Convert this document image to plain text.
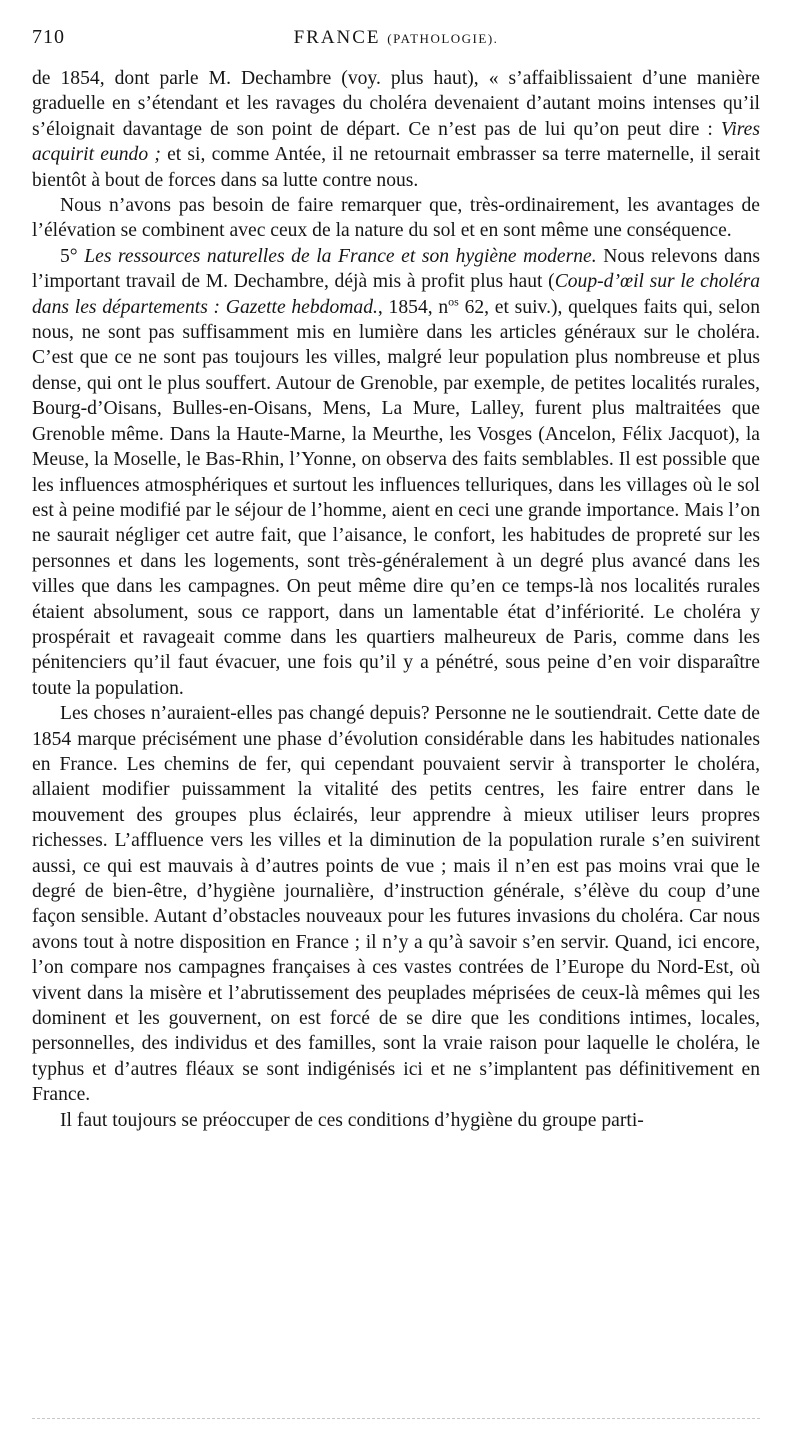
710	FRANCE (PATHOLOGIE).

de 1854, dont parle M. Dechambre (voy. plus haut), « s’affaiblissaient d’une manière graduelle en s’étendant et les ravages du choléra devenaient d’autant moins intenses qu’il s’éloignait davantage de son point de départ. Ce n’est pas de lui qu’on peut dire : Vires acquirit eundo ; et si, comme Antée, il ne retournait embrasser sa terre maternelle, il serait bientôt à bout de forces dans sa lutte contre nous.

Nous n’avons pas besoin de faire remarquer que, très-ordinairement, les avantages de l’élévation se combinent avec ceux de la nature du sol et en sont même une conséquence.

5° Les ressources naturelles de la France et son hygiène moderne. Nous relevons dans l’important travail de M. Dechambre, déjà mis à profit plus haut (Coup-d’œil sur le choléra dans les départements : Gazette hebdomad., 1854, $n^{os}$ 62, et suiv.), quelques faits qui, selon nous, ne sont pas suffisamment mis en lumière dans les articles généraux sur le choléra. C’est que ce ne sont pas toujours les villes, malgré leur population plus nombreuse et plus dense, qui ont le plus souffert. Autour de Grenoble, par exemple, de petites localités rurales, Bourg-d’Oisans, Bulles-en-Oisans, Mens, La Mure, Lalley, furent plus maltraitées que Grenoble même. Dans la Haute-Marne, la Meurthe, les Vosges (Ancelon, Félix Jacquot), la Meuse, la Moselle, le Bas-Rhin, l’Yonne, on observa des faits semblables. Il est possible que les influences atmosphériques et surtout les influences telluriques, dans les villages où le sol est à peine modifié par le séjour de l’homme, aient en ceci une grande importance. Mais l’on ne saurait négliger cet autre fait, que l’aisance, le confort, les habitudes de propreté sur les personnes et dans les logements, sont très-généralement à un degré plus avancé dans les villes que dans les campagnes. On peut même dire qu’en ce temps-là nos localités rurales étaient absolument, sous ce rapport, dans un lamentable état d’infériorité. Le choléra y prospérait et ravageait comme dans les quartiers malheureux de Paris, comme dans les pénitenciers qu’il faut évacuer, une fois qu’il y a pénétré, sous peine d’en voir disparaître toute la population.

Les choses n’auraient-elles pas changé depuis? Personne ne le soutiendrait. Cette date de 1854 marque précisément une phase d’évolution considérable dans les habitudes nationales en France. Les chemins de fer, qui cependant pouvaient servir à transporter le choléra, allaient modifier puissamment la vitalité des petits centres, les faire entrer dans le mouvement des groupes plus éclairés, leur apprendre à mieux utiliser leurs propres richesses. L’affluence vers les villes et la diminution de la population rurale s’en suivirent aussi, ce qui est mauvais à d’autres points de vue ; mais il n’en est pas moins vrai que le degré de bien-être, d’hygiène journalière, d’instruction générale, s’élève du coup d’une façon sensible. Autant d’obstacles nouveaux pour les futures invasions du choléra. Car nous avons tout à notre disposition en France ; il n’y a qu’à savoir s’en servir. Quand, ici encore, l’on compare nos campagnes françaises à ces vastes contrées de l’Europe du Nord-Est, où vivent dans la misère et l’abrutissement des peuplades méprisées de ceux-là mêmes qui les dominent et les gouvernent, on est forcé de se dire que les conditions intimes, locales, personnelles, des individus et des familles, sont la vraie raison pour laquelle le choléra, le typhus et d’autres fléaux se sont indigénisés ici et ne s’implantent pas définitivement en France.

Il faut toujours se préoccuper de ces conditions d’hygiène du groupe parti-
